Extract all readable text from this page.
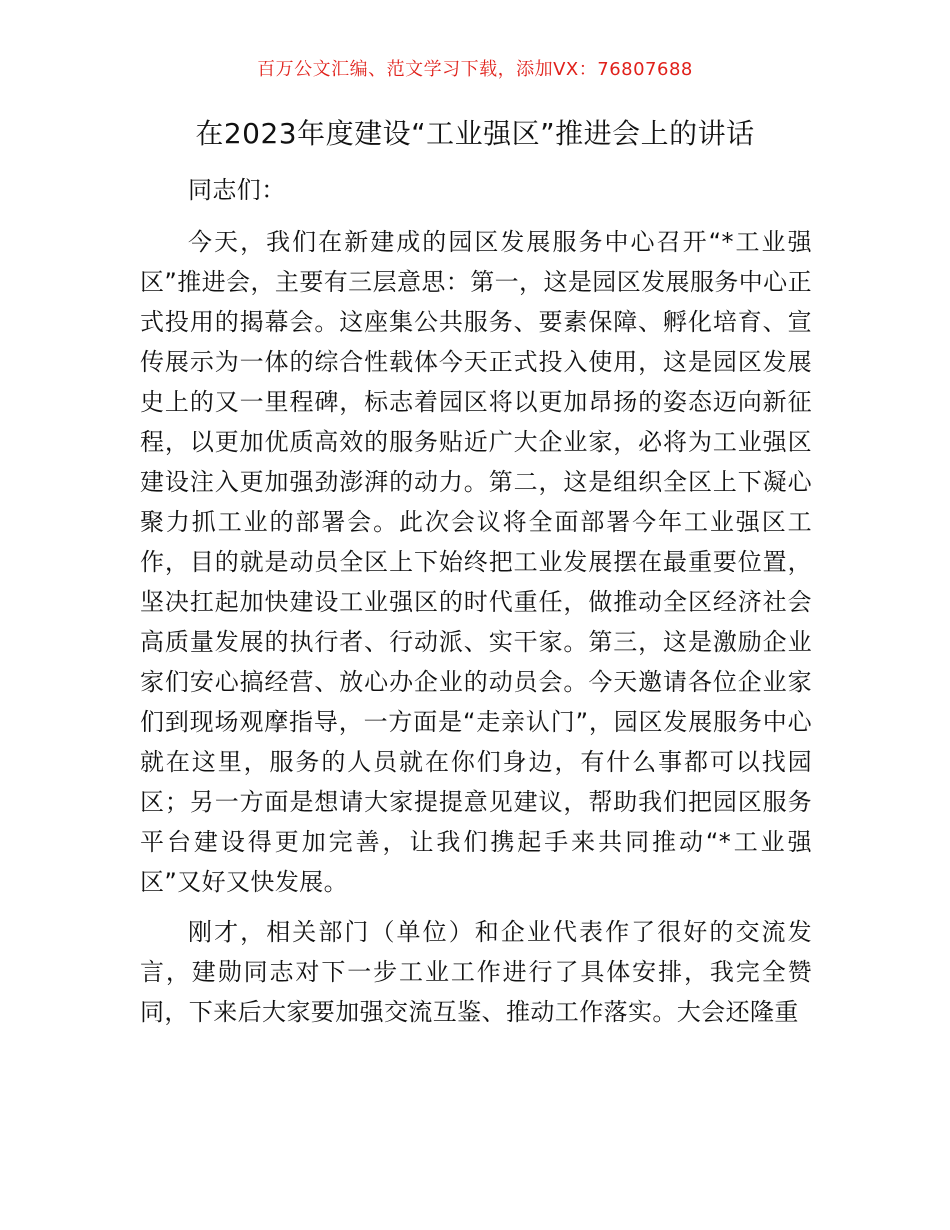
百万公文汇编、范文学习下载，添加VX：76807688
在2023年度建设“工业强区”推进会上的讲话

同志们：

今天，我们在新建成的园区发展服务中心召开“*工业强区”推进会，主要有三层意思：第一，这是园区发展服务中心正式投用的揭幕会。这座集公共服务、要素保障、孵化培育、宣传展示为一体的综合性载体今天正式投入使用，这是园区发展史上的又一里程碑，标志着园区将以更加昂扬的姿态迈向新征程，以更加优质高效的服务贴近广大企业家，必将为工业强区建设注入更加强劲澎湃的动力。第二，这是组织全区上下凝心聚力抓工业的部署会。此次会议将全面部署今年工业强区工作，目的就是动员全区上下始终把工业发展摆在最重要位置，坚决扛起加快建设工业强区的时代重任，做推动全区经济社会高质量发展的执行者、行动派、实干家。第三，这是激励企业家们安心搞经营、放心办企业的动员会。今天邀请各位企业家们到现场观摩指导，一方面是“走亲认门”，园区发展服务中心就在这里，服务的人员就在你们身边，有什么事都可以找园区；另一方面是想请大家提提意见建议，帮助我们把园区服务平台建设得更加完善，让我们携起手来共同推动“*工业强区”又好又快发展。

刚才，相关部门（单位）和企业代表作了很好的交流发言，建勋同志对下一步工业工作进行了具体安排，我完全赞同，下来后大家要加强交流互鉴、推动工作落实。大会还隆重
